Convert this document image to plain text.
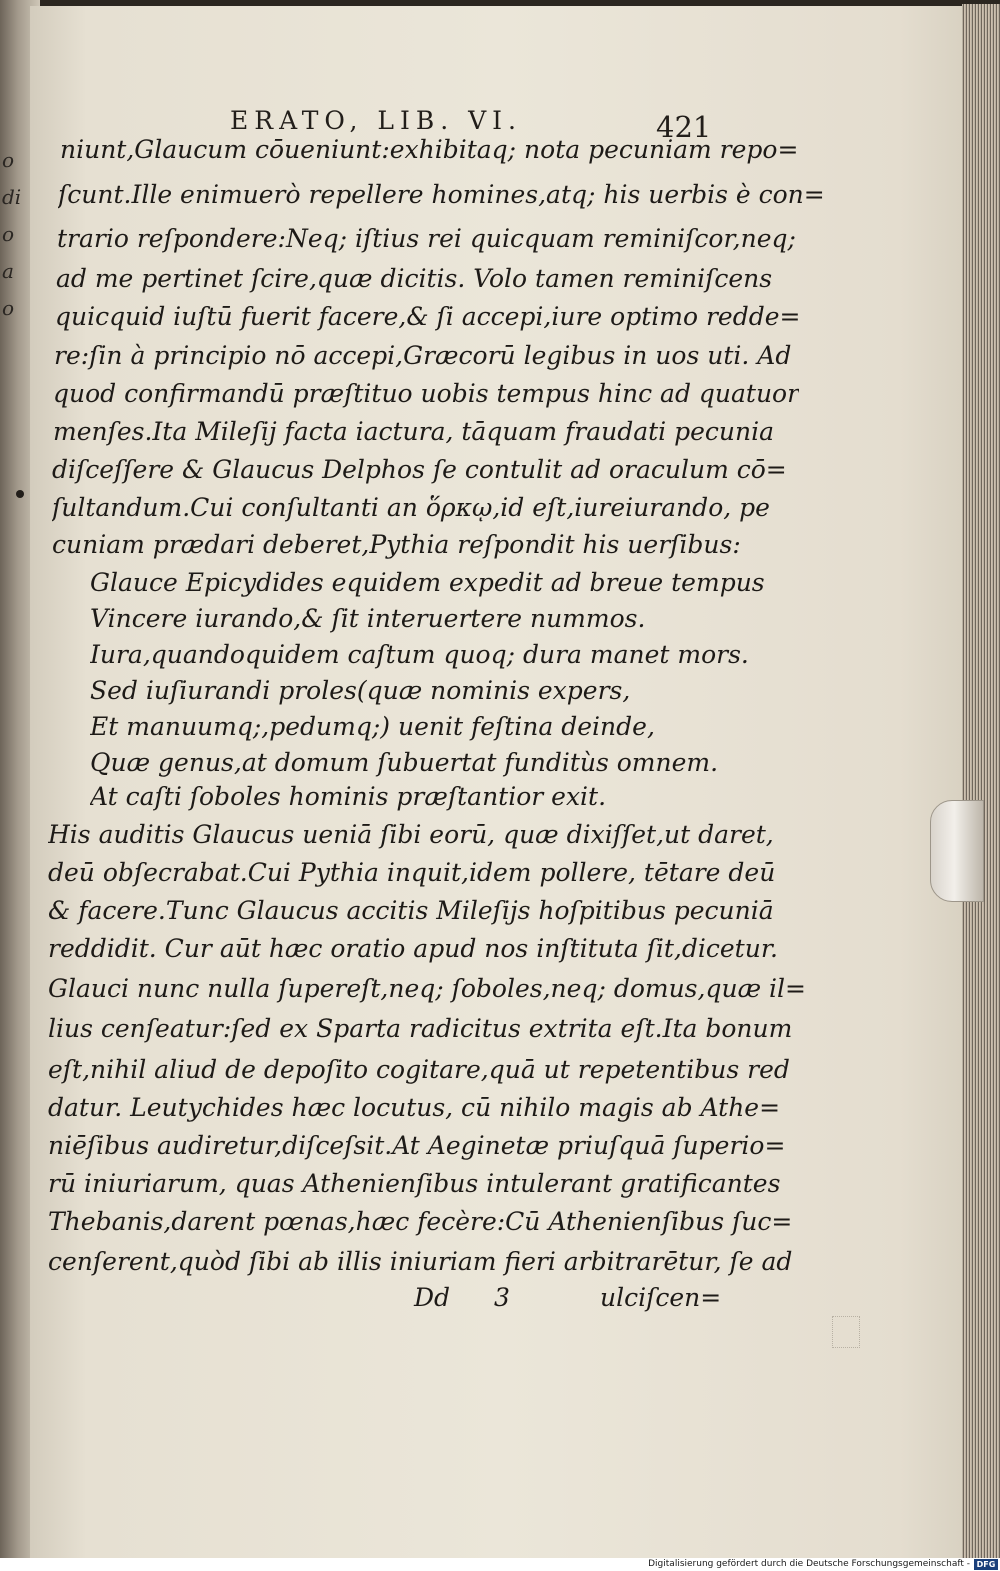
o
di
o
a
o
ERATO, LIB. VI.	421
niunt,Glaucum cōueniunt:exhibitaq; nota pecuniam repo=
ſcunt.Ille enimuerò repellere homines,atq; his uerbis è con=
trario reſpondere:Neq; iſtius rei quicquam reminiſcor,neq;
ad me pertinet ſcire,quæ dicitis. Volo tamen reminiſcens
quicquid iuſtū fuerit facere,& ſi accepi,iure optimo redde=
re:ſin à principio nō accepi,Græcorū legibus in uos uti. Ad
quod confirmandū præſtituo uobis tempus hinc ad quatuor
menſes.Ita Mileſij facta iactura, tāquam fraudati pecunia
diſceſſere & Glaucus Delphos ſe contulit ad oraculum cō=
ſultandum.Cui conſultanti an ὅρκῳ,id eſt,iureiurando, pe
cuniam prædari deberet,Pythia reſpondit his uerſibus:
Glauce Epicydides equidem expedit ad breue tempus
Vincere iurando,& ſit interuertere nummos.
Iura,quandoquidem caſtum quoq; dura manet mors.
Sed iuſiurandi proles(quæ nominis expers,
Et manuumq;,pedumq;) uenit feſtina deinde,
Quæ genus,at domum ſubuertat funditùs omnem.
At caſti ſoboles hominis præſtantior exit.
His auditis Glaucus ueniā ſibi eorū, quæ dixiſſet,ut daret,
deū obſecrabat.Cui Pythia inquit,idem pollere, tētare deū
& facere.Tunc Glaucus accitis Mileſijs hoſpitibus pecuniā
reddidit. Cur aūt hæc oratio apud nos inſtituta ſit,dicetur.
Glauci nunc nulla ſupereſt,neq; ſoboles,neq; domus,quæ il=
lius cenſeatur:ſed ex Sparta radicitus extrita eſt.Ita bonum
eſt,nihil aliud de depoſito cogitare,quā ut repetentibus red
datur. Leutychides hæc locutus, cū nihilo magis ab Athe=
niēſibus audiretur,diſceſsit.At Aeginetæ priuſquā ſuperio=
rū iniuriarum, quas Athenienſibus intulerant gratificantes
Thebanis,darent pœnas,hæc fecère:Cū Athenienſibus ſuc=
cenſerent,quòd ſibi ab illis iniuriam fieri arbitrarētur, ſe ad
Dd 3	ulciſcen=
Digitalisierung gefördert durch die Deutsche Forschungsgemeinschaft - DFG
